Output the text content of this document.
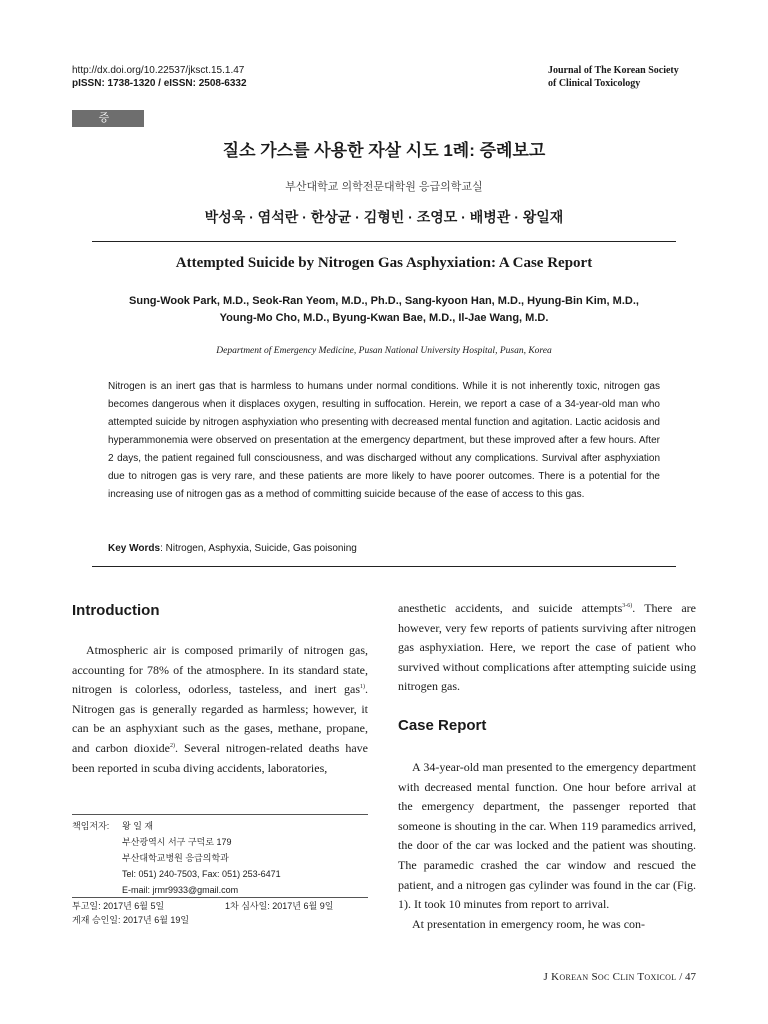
http://dx.doi.org/10.22537/jksct.15.1.47
pISSN: 1738-1320 / eISSN: 2508-6332
Journal of The Korean Society
of Clinical Toxicology
증 례
질소 가스를 사용한 자살 시도 1례: 증례보고
부산대학교 의학전문대학원 응급의학교실
박성욱 · 염석란 · 한상균 · 김형빈 · 조영모 · 배병관 · 왕일재
Attempted Suicide by Nitrogen Gas Asphyxiation: A Case Report
Sung-Wook Park, M.D., Seok-Ran Yeom, M.D., Ph.D., Sang-kyoon Han, M.D., Hyung-Bin Kim, M.D.,
Young-Mo Cho, M.D., Byung-Kwan Bae, M.D., Il-Jae Wang, M.D.
Department of Emergency Medicine, Pusan National University Hospital, Pusan, Korea
Nitrogen is an inert gas that is harmless to humans under normal conditions. While it is not inherently toxic, nitrogen gas becomes dangerous when it displaces oxygen, resulting in suffocation. Herein, we report a case of a 34-year-old man who attempted suicide by nitrogen asphyxiation who presenting with decreased mental function and agitation. Lactic acidosis and hyperammonemia were observed on presentation at the emergency department, but these improved after a few hours. After 2 days, the patient regained full consciousness, and was discharged without any complications. Survival after asphyxiation due to nitrogen gas is very rare, and these patients are more likely to have poorer outcomes. There is a potential for the increasing use of nitrogen gas as a method of committing suicide because of the ease of access to this gas.
Key Words: Nitrogen, Asphyxia, Suicide, Gas poisoning
Introduction

Atmospheric air is composed primarily of nitrogen gas, accounting for 78% of the atmosphere. In its standard state, nitrogen is colorless, odorless, tasteless, and inert gas$^{1)}$. Nitrogen gas is generally regarded as harmless; however, it can be an asphyxiant such as the gases, methane, propane, and carbon dioxide$^{2)}$. Several nitrogen-related deaths have been reported in scuba diving accidents, laboratories,

책임저자:	왕 일 재
부산광역시 서구 구덕로 179
부산대학교병원 응급의학과
Tel: 051) 240-7503, Fax: 051) 253-6471
E-mail: jrmr9933@gmail.com
투고일: 2017년 6월 5일	1차 심사일: 2017년 6월 9일
게재 승인일: 2017년 6월 19일

anesthetic accidents, and suicide attempts$^{3-6)}$. There are however, very few reports of patients surviving after nitrogen gas asphyxiation. Here, we report the case of patient who survived without complications after attempting suicide using nitrogen gas.

Case Report

A 34-year-old man presented to the emergency department with decreased mental function. One hour before arrival at the emergency department, the passenger reported that someone is shouting in the car. When 119 paramedics arrived, the door of the car was locked and the patient was shouting. The paramedic crashed the car window and rescued the patient, and a nitrogen gas cylinder was found in the car (Fig. 1). It took 10 minutes from report to arrival.

At presentation in emergency room, he was con-

J Korean Soc Clin Toxicol / 47
